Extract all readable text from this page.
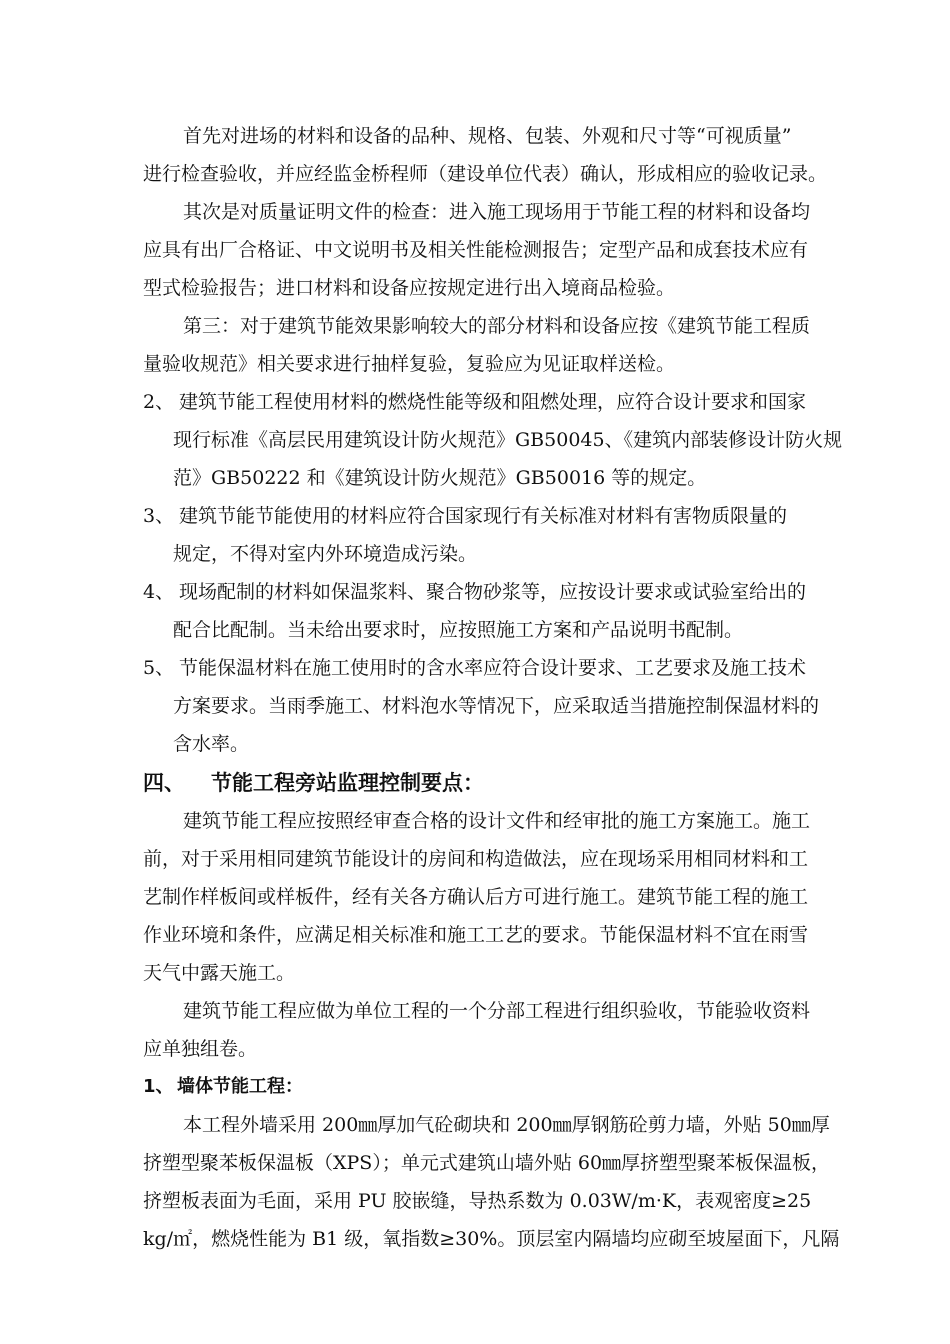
首先对进场的材料和设备的品种、规格、包装、外观和尺寸等“可视质量”
进行检查验收，并应经监金桥程师（建设单位代表）确认，形成相应的验收记录。
其次是对质量证明文件的检查：进入施工现场用于节能工程的材料和设备均
应具有出厂合格证、中文说明书及相关性能检测报告；定型产品和成套技术应有
型式检验报告；进口材料和设备应按规定进行出入境商品检验。
第三：对于建筑节能效果影响较大的部分材料和设备应按《建筑节能工程质
量验收规范》相关要求进行抽样复验，复验应为见证取样送检。
2、 建筑节能工程使用材料的燃烧性能等级和阻燃处理，应符合设计要求和国家
现行标准《高层民用建筑设计防火规范》GB50045、《建筑内部装修设计防火规
范》GB50222 和《建筑设计防火规范》GB50016 等的规定。
3、 建筑节能节能使用的材料应符合国家现行有关标准对材料有害物质限量的
规定，不得对室内外环境造成污染。
4、 现场配制的材料如保温浆料、聚合物砂浆等，应按设计要求或试验室给出的
配合比配制。当未给出要求时，应按照施工方案和产品说明书配制。
5、 节能保温材料在施工使用时的含水率应符合设计要求、工艺要求及施工技术
方案要求。当雨季施工、材料泡水等情况下，应采取适当措施控制保温材料的
含水率。
四、 节能工程旁站监理控制要点：
建筑节能工程应按照经审查合格的设计文件和经审批的施工方案施工。施工
前，对于采用相同建筑节能设计的房间和构造做法，应在现场采用相同材料和工
艺制作样板间或样板件，经有关各方确认后方可进行施工。建筑节能工程的施工
作业环境和条件，应满足相关标准和施工工艺的要求。节能保温材料不宜在雨雪
天气中露天施工。
建筑节能工程应做为单位工程的一个分部工程进行组织验收，节能验收资料
应单独组卷。
1、 墙体节能工程：
本工程外墙采用 200㎜厚加气砼砌块和 200㎜厚钢筋砼剪力墙，外贴 50㎜厚
挤塑型聚苯板保温板（XPS）；单元式建筑山墙外贴 60㎜厚挤塑型聚苯板保温板，
挤塑板表面为毛面，采用 PU 胶嵌缝，导热系数为 0.03W/m·K，表观密度≥25
kg/㎡，燃烧性能为 B1 级，氧指数≥30%。顶层室内隔墙均应砌至坡屋面下，凡隔
